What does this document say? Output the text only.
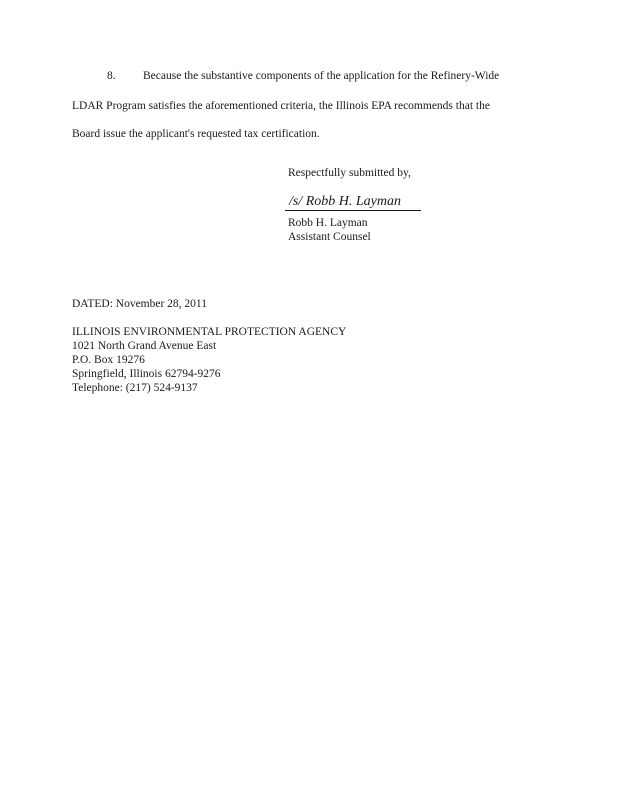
8. Because the substantive components of the application for the Refinery-Wide
LDAR Program satisfies the aforementioned criteria, the Illinois EPA recommends that the
Board issue the applicant's requested tax certification.
Respectfully submitted by,
/s/ Robb H. Layman
Robb H. Layman
Assistant Counsel
DATED: November 28, 2011
ILLINOIS ENVIRONMENTAL PROTECTION AGENCY
1021 North Grand Avenue East
P.O. Box 19276
Springfield, Illinois 62794-9276
Telephone: (217) 524-9137
